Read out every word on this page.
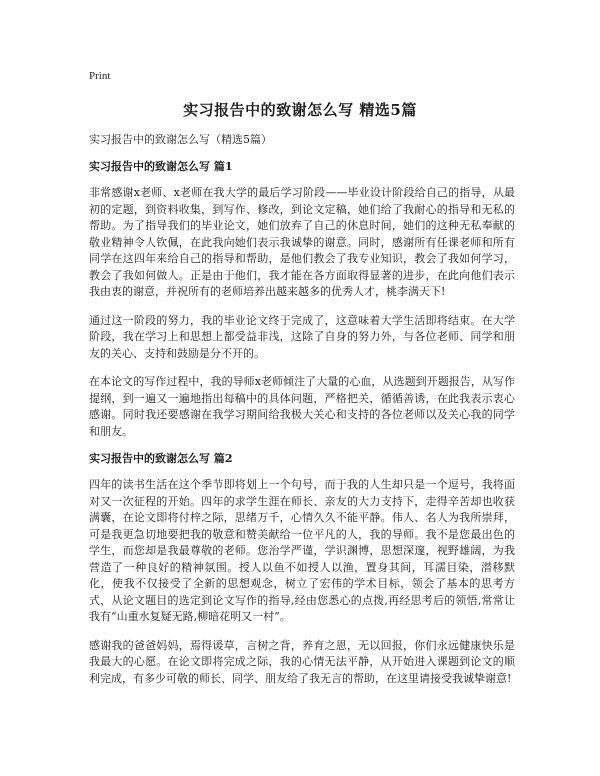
Print
实习报告中的致谢怎么写 精选5篇

实习报告中的致谢怎么写（精选5篇）

实习报告中的致谢怎么写 篇1

非常感谢x老师、x老师在我大学的最后学习阶段——毕业设计阶段给自己的指导，从最初的定题，到资料收集，到写作、修改，到论文定稿，她们给了我耐心的指导和无私的帮助。为了指导我们的毕业论文，她们放弃了自己的休息时间，她们的这种无私奉献的敬业精神令人钦佩，在此我向她们表示我诚挚的谢意。同时，感谢所有任课老师和所有同学在这四年来给自己的指导和帮助，是他们教会了我专业知识，教会了我如何学习，教会了我如何做人。正是由于他们，我才能在各方面取得显著的进步，在此向他们表示我由衷的谢意，并祝所有的老师培养出越来越多的优秀人才，桃李满天下!

通过这一阶段的努力，我的毕业论文终于完成了，这意味着大学生活即将结束。在大学阶段，我在学习上和思想上都受益非浅，这除了自身的努力外，与各位老师、同学和朋友的关心、支持和鼓励是分不开的。

在本论文的写作过程中，我的导师x老师倾注了大量的心血，从选题到开题报告，从写作提纲，到一遍又一遍地指出每稿中的具体问题，严格把关，循循善诱，在此我表示衷心感谢。同时我还要感谢在我学习期间给我极大关心和支持的各位老师以及关心我的同学和朋友。

实习报告中的致谢怎么写 篇2

四年的读书生活在这个季节即将划上一个句号，而于我的人生却只是一个逗号，我将面对又一次征程的开始。四年的求学生涯在师长、亲友的大力支持下，走得辛苦却也收获满囊，在论文即将付梓之际，思绪万千，心情久久不能平静。伟人、名人为我所崇拜，可是我更急切地要把我的敬意和赞美献给一位平凡的人，我的导师。我不是您最出色的学生，而您却是我最尊敬的老师。您治学严谨，学识渊博，思想深邃，视野雄阔，为我营造了一种良好的精神氛围。授人以鱼不如授人以渔，置身其间，耳濡目染，潜移默化，使我不仅接受了全新的思想观念，树立了宏伟的学术目标，领会了基本的思考方式，从论文题目的选定到论文写作的指导,经由您悉心的点拨,再经思考后的领悟,常常让我有“山重水复疑无路,柳暗花明又一村”。

感谢我的爸爸妈妈，焉得谖草，言树之背，养育之恩，无以回报，你们永远健康快乐是我最大的心愿。在论文即将完成之际，我的心情无法平静，从开始进入课题到论文的顺利完成，有多少可敬的师长、同学、朋友给了我无言的帮助，在这里请接受我诚挚谢意!
